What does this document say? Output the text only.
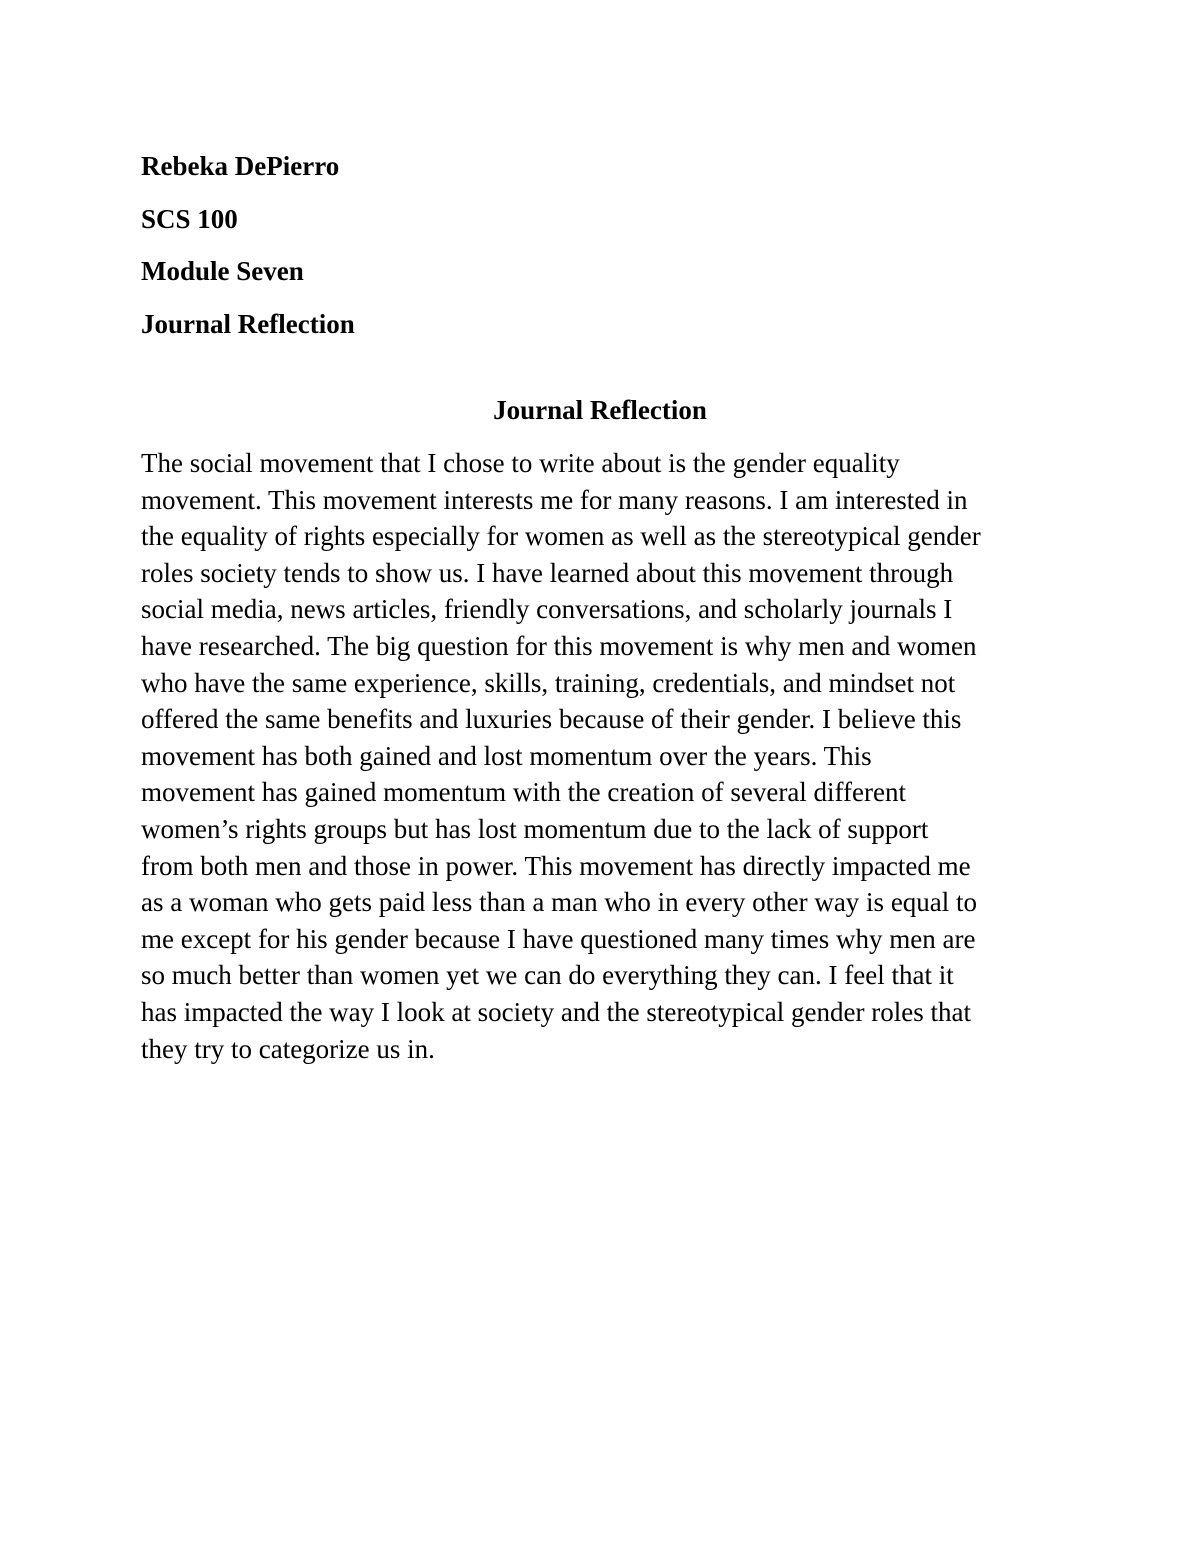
Rebeka DePierro
SCS 100
Module Seven
Journal Reflection
Journal Reflection
The social movement that I chose to write about is the gender equality
movement. This movement interests me for many reasons. I am interested in
the equality of rights especially for women as well as the stereotypical gender
roles society tends to show us. I have learned about this movement through
social media, news articles, friendly conversations, and scholarly journals I
have researched. The big question for this movement is why men and women
who have the same experience, skills, training, credentials, and mindset not
offered the same benefits and luxuries because of their gender. I believe this
movement has both gained and lost momentum over the years. This
movement has gained momentum with the creation of several different
women’s rights groups but has lost momentum due to the lack of support
from both men and those in power. This movement has directly impacted me
as a woman who gets paid less than a man who in every other way is equal to
me except for his gender because I have questioned many times why men are
so much better than women yet we can do everything they can. I feel that it
has impacted the way I look at society and the stereotypical gender roles that
they try to categorize us in.
